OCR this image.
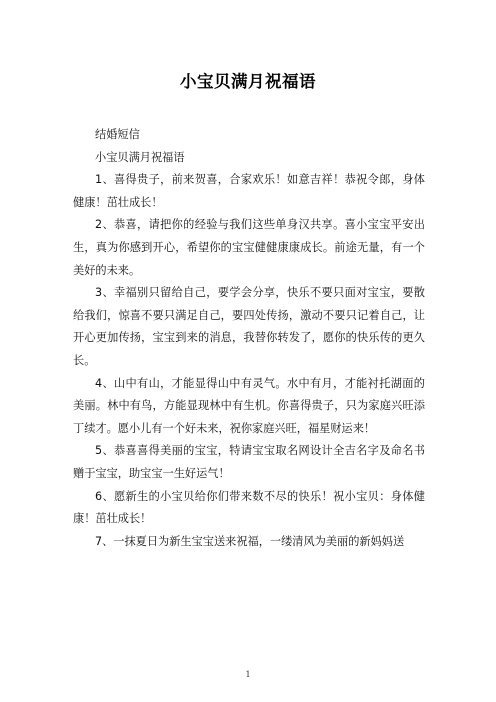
小宝贝满月祝福语

结婚短信

小宝贝满月祝福语

1、喜得贵子，前来贺喜，合家欢乐！如意吉祥！恭祝令郎，身体健康！茁壮成长！

2、恭喜，请把你的经验与我们这些单身汉共享。喜小宝宝平安出生，真为你感到开心，希望你的宝宝健健康康成长。前途无量，有一个美好的未来。

3、幸福别只留给自己，要学会分享，快乐不要只面对宝宝，要散给我们，惊喜不要只满足自己，要四处传扬，激动不要只记着自己，让开心更加传扬，宝宝到来的消息，我替你转发了，愿你的快乐传的更久长。

4、山中有山，才能显得山中有灵气。水中有月，才能衬托湖面的美丽。林中有鸟，方能显现林中有生机。你喜得贵子，只为家庭兴旺添丁续才。愿小儿有一个好未来，祝你家庭兴旺，福星财运来！

5、恭喜喜得美丽的宝宝，特请宝宝取名网设计全吉名字及命名书赠于宝宝，助宝宝一生好运气！

6、愿新生的小宝贝给你们带来数不尽的快乐！祝小宝贝：身体健康！茁壮成长！

7、一抹夏日为新生宝宝送来祝福，一缕清风为美丽的新妈妈送

1
